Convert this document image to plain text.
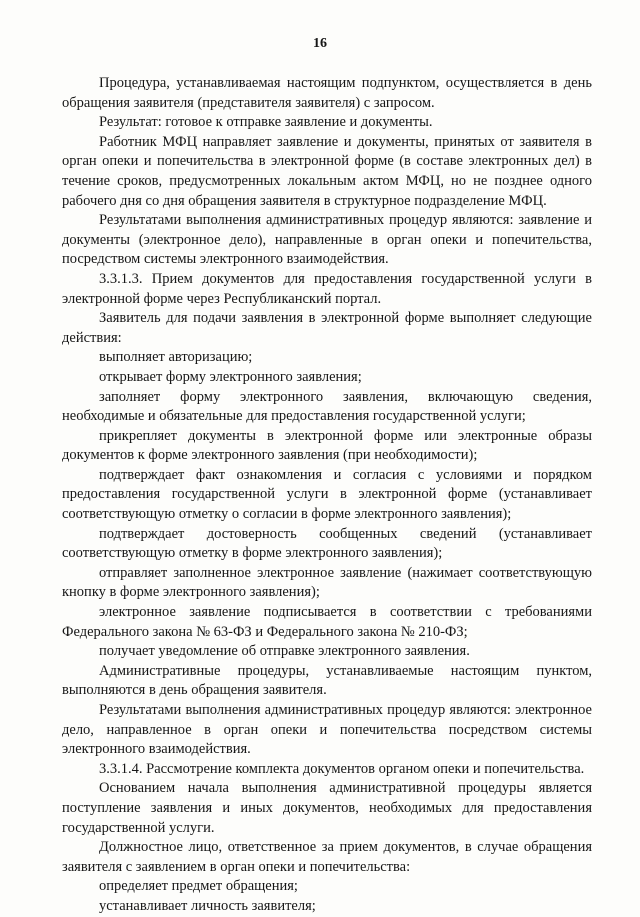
16

Процедура, устанавливаемая настоящим подпунктом, осуществляется в день обращения заявителя (представителя заявителя) с запросом.

Результат: готовое к отправке заявление и документы.

Работник МФЦ направляет заявление и документы, принятых от заявителя в орган опеки и попечительства в электронной форме (в составе электронных дел) в течение сроков, предусмотренных локальным актом МФЦ, но не позднее одного рабочего дня со дня обращения заявителя в структурное подразделение МФЦ.

Результатами выполнения административных процедур являются: заявление и документы (электронное дело), направленные в орган опеки и попечительства, посредством системы электронного взаимодействия.

3.3.1.3. Прием документов для предоставления государственной услуги в электронной форме через Республиканский портал.

Заявитель для подачи заявления в электронной форме выполняет следующие действия:

выполняет авторизацию;

открывает форму электронного заявления;

заполняет форму электронного заявления, включающую сведения, необходимые и обязательные для предоставления государственной услуги;

прикрепляет документы в электронной форме или электронные образы документов к форме электронного заявления (при необходимости);

подтверждает факт ознакомления и согласия с условиями и порядком предоставления государственной услуги в электронной форме (устанавливает соответствующую отметку о согласии в форме электронного заявления);

подтверждает достоверность сообщенных сведений (устанавливает соответствующую отметку в форме электронного заявления);

отправляет заполненное электронное заявление (нажимает соответствующую кнопку в форме электронного заявления);

электронное заявление подписывается в соответствии с требованиями Федерального закона № 63-ФЗ и Федерального закона № 210-ФЗ;

получает уведомление об отправке электронного заявления.

Административные процедуры, устанавливаемые настоящим пунктом, выполняются в день обращения заявителя.

Результатами выполнения административных процедур являются: электронное дело, направленное в орган опеки и попечительства посредством системы электронного взаимодействия.

3.3.1.4. Рассмотрение комплекта документов органом опеки и попечительства.

Основанием начала выполнения административной процедуры является поступление заявления и иных документов, необходимых для предоставления государственной услуги.

Должностное лицо, ответственное за прием документов, в случае обращения заявителя с заявлением в орган опеки и попечительства:

определяет предмет обращения;

устанавливает личность заявителя;
